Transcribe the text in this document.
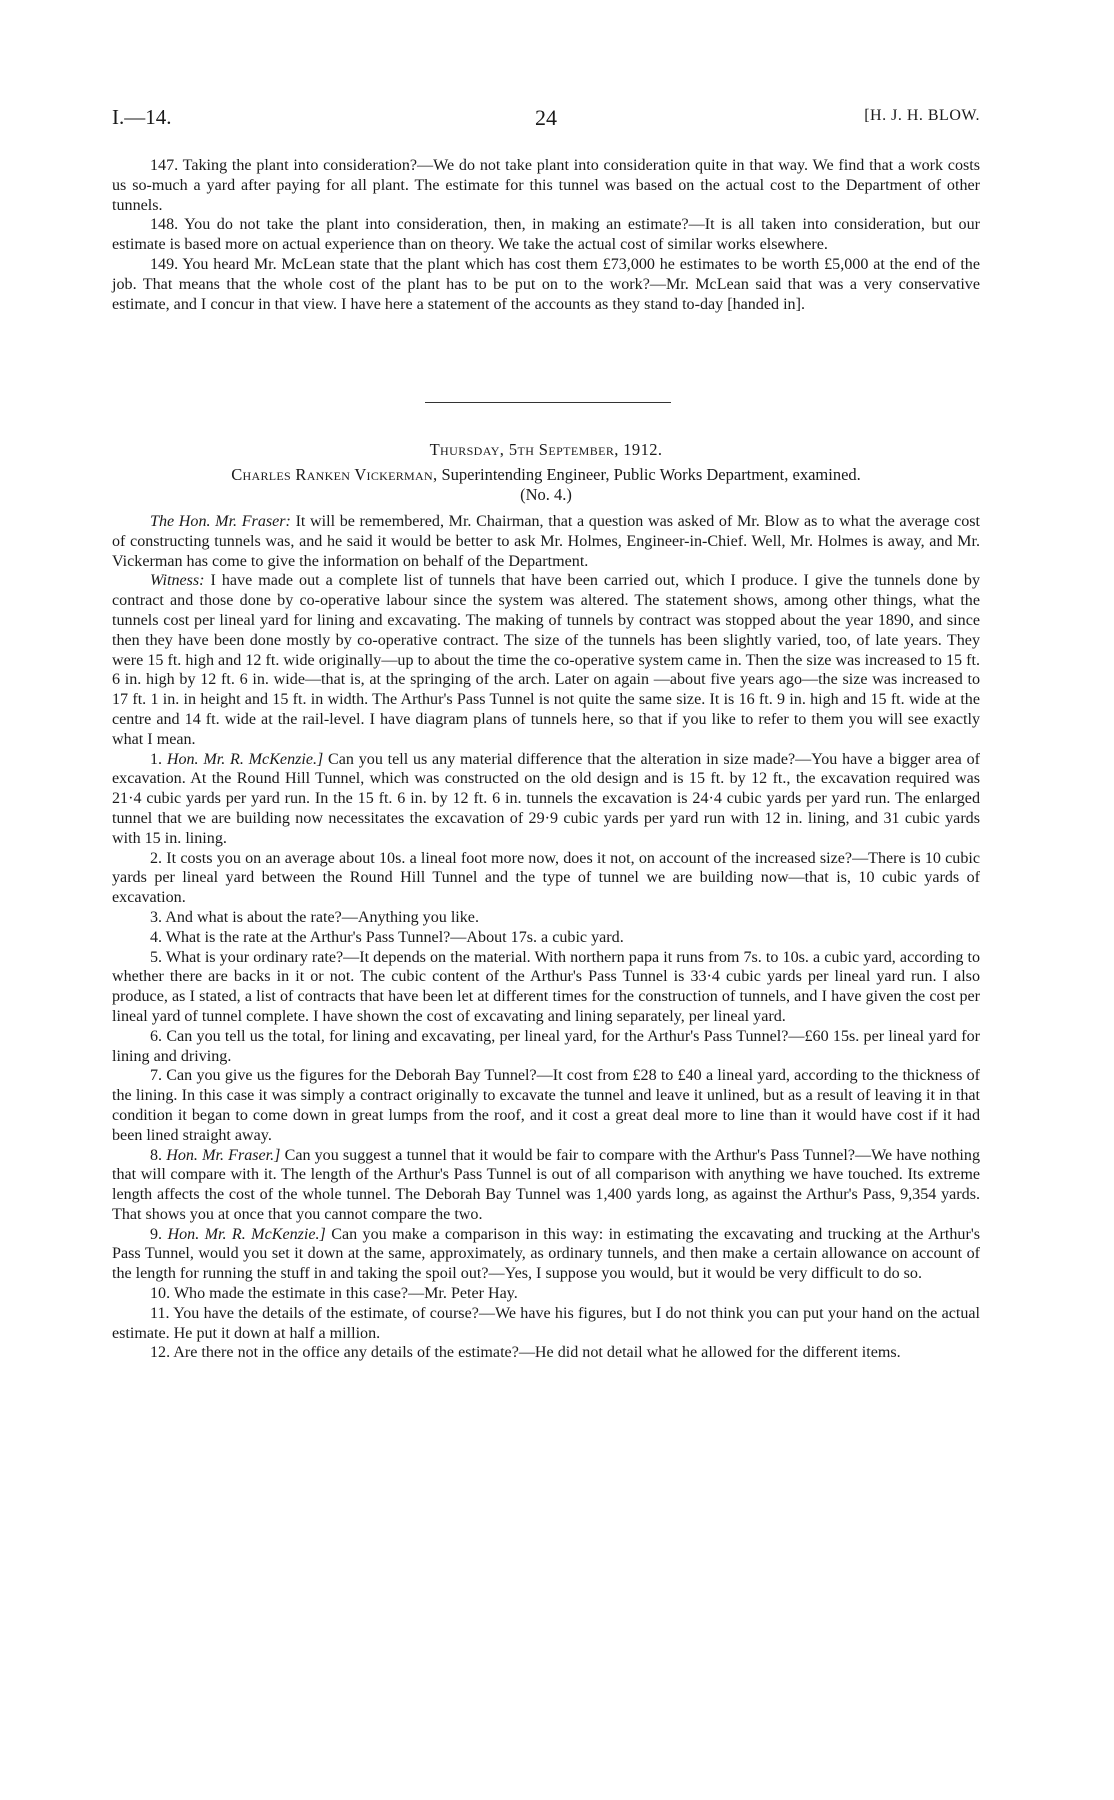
I.—14.	24	[H. J. H. BLOW.

147. Taking the plant into consideration?—We do not take plant into consideration quite in that way. We find that a work costs us so-much a yard after paying for all plant. The estimate for this tunnel was based on the actual cost to the Department of other tunnels.

148. You do not take the plant into consideration, then, in making an estimate?—It is all taken into consideration, but our estimate is based more on actual experience than on theory. We take the actual cost of similar works elsewhere.

149. You heard Mr. McLean state that the plant which has cost them £73,000 he estimates to be worth £5,000 at the end of the job. That means that the whole cost of the plant has to be put on to the work?—Mr. McLean said that was a very conservative estimate, and I concur in that view. I have here a statement of the accounts as they stand to-day [handed in].

Thursday, 5th September, 1912.
Charles Ranken Vickerman, Superintending Engineer, Public Works Department, examined.
(No. 4.)

The Hon. Mr. Fraser: It will be remembered, Mr. Chairman, that a question was asked of Mr. Blow as to what the average cost of constructing tunnels was, and he said it would be better to ask Mr. Holmes, Engineer-in-Chief. Well, Mr. Holmes is away, and Mr. Vickerman has come to give the information on behalf of the Department.

Witness: I have made out a complete list of tunnels that have been carried out, which I produce. I give the tunnels done by contract and those done by co-operative labour since the system was altered. The statement shows, among other things, what the tunnels cost per lineal yard for lining and excavating. The making of tunnels by contract was stopped about the year 1890, and since then they have been done mostly by co-operative contract. The size of the tunnels has been slightly varied, too, of late years. They were 15 ft. high and 12 ft. wide originally—up to about the time the co-operative system came in. Then the size was increased to 15 ft. 6 in. high by 12 ft. 6 in. wide—that is, at the springing of the arch. Later on again —about five years ago—the size was increased to 17 ft. 1 in. in height and 15 ft. in width. The Arthur's Pass Tunnel is not quite the same size. It is 16 ft. 9 in. high and 15 ft. wide at the centre and 14 ft. wide at the rail-level. I have diagram plans of tunnels here, so that if you like to refer to them you will see exactly what I mean.

1. Hon. Mr. R. McKenzie.] Can you tell us any material difference that the alteration in size made?—You have a bigger area of excavation. At the Round Hill Tunnel, which was constructed on the old design and is 15 ft. by 12 ft., the excavation required was 21·4 cubic yards per yard run. In the 15 ft. 6 in. by 12 ft. 6 in. tunnels the excavation is 24·4 cubic yards per yard run. The enlarged tunnel that we are building now necessitates the excavation of 29·9 cubic yards per yard run with 12 in. lining, and 31 cubic yards with 15 in. lining.

2. It costs you on an average about 10s. a lineal foot more now, does it not, on account of the increased size?—There is 10 cubic yards per lineal yard between the Round Hill Tunnel and the type of tunnel we are building now—that is, 10 cubic yards of excavation.

3. And what is about the rate?—Anything you like.

4. What is the rate at the Arthur's Pass Tunnel?—About 17s. a cubic yard.

5. What is your ordinary rate?—It depends on the material. With northern papa it runs from 7s. to 10s. a cubic yard, according to whether there are backs in it or not. The cubic content of the Arthur's Pass Tunnel is 33·4 cubic yards per lineal yard run. I also produce, as I stated, a list of contracts that have been let at different times for the construction of tunnels, and I have given the cost per lineal yard of tunnel complete. I have shown the cost of excavating and lining separately, per lineal yard.

6. Can you tell us the total, for lining and excavating, per lineal yard, for the Arthur's Pass Tunnel?—£60 15s. per lineal yard for lining and driving.

7. Can you give us the figures for the Deborah Bay Tunnel?—It cost from £28 to £40 a lineal yard, according to the thickness of the lining. In this case it was simply a contract originally to excavate the tunnel and leave it unlined, but as a result of leaving it in that condition it began to come down in great lumps from the roof, and it cost a great deal more to line than it would have cost if it had been lined straight away.

8. Hon. Mr. Fraser.] Can you suggest a tunnel that it would be fair to compare with the Arthur's Pass Tunnel?—We have nothing that will compare with it. The length of the Arthur's Pass Tunnel is out of all comparison with anything we have touched. Its extreme length affects the cost of the whole tunnel. The Deborah Bay Tunnel was 1,400 yards long, as against the Arthur's Pass, 9,354 yards. That shows you at once that you cannot compare the two.

9. Hon. Mr. R. McKenzie.] Can you make a comparison in this way: in estimating the excavating and trucking at the Arthur's Pass Tunnel, would you set it down at the same, approximately, as ordinary tunnels, and then make a certain allowance on account of the length for running the stuff in and taking the spoil out?—Yes, I suppose you would, but it would be very difficult to do so.

10. Who made the estimate in this case?—Mr. Peter Hay.

11. You have the details of the estimate, of course?—We have his figures, but I do not think you can put your hand on the actual estimate. He put it down at half a million.

12. Are there not in the office any details of the estimate?—He did not detail what he allowed for the different items.
